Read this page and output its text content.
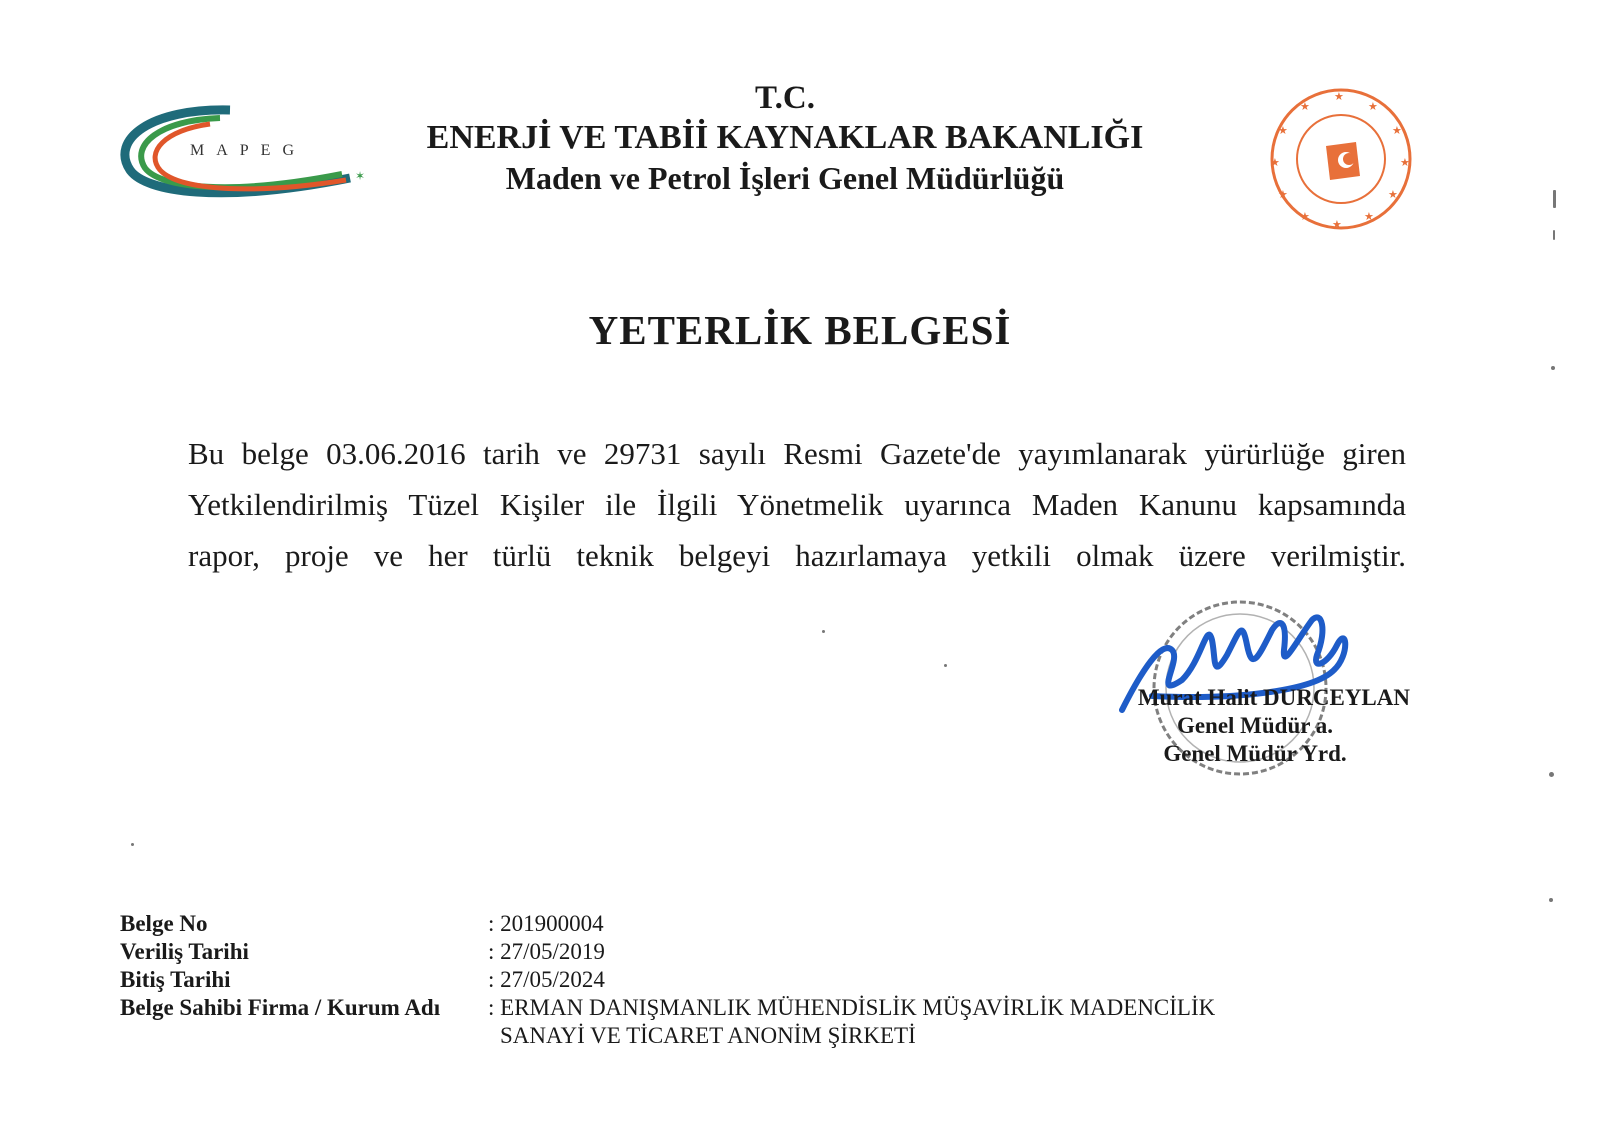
✶
MAPEG
★
★
★
★
★
★
★
★
★
★
★
★
T.C.
ENERJİ VE TABİİ KAYNAKLAR BAKANLIĞI
Maden ve Petrol İşleri Genel Müdürlüğü
YETERLİK BELGESİ

Bu belge 03.06.2016 tarih ve 29731 sayılı Resmi Gazete'de yayımlanarak yürürlüğe giren

Yetkilendirilmiş Tüzel Kişiler ile İlgili Yönetmelik uyarınca Maden Kanunu kapsamında

rapor, proje ve her türlü teknik belgeyi hazırlamaya yetkili olmak üzere verilmiştir.

Murat Halit DURCEYLAN
Genel Müdür a.
Genel Müdür Yrd.
Belge No	: 201900004
Veriliş Tarihi	: 27/05/2019
Bitiş Tarihi	: 27/05/2024
Belge Sahibi Firma / Kurum Adı : ERMAN DANIŞMANLIK MÜHENDİSLİK MÜŞAVİRLİK MADENCİLİK
SANAYİ VE TİCARET ANONİM ŞİRKETİ
